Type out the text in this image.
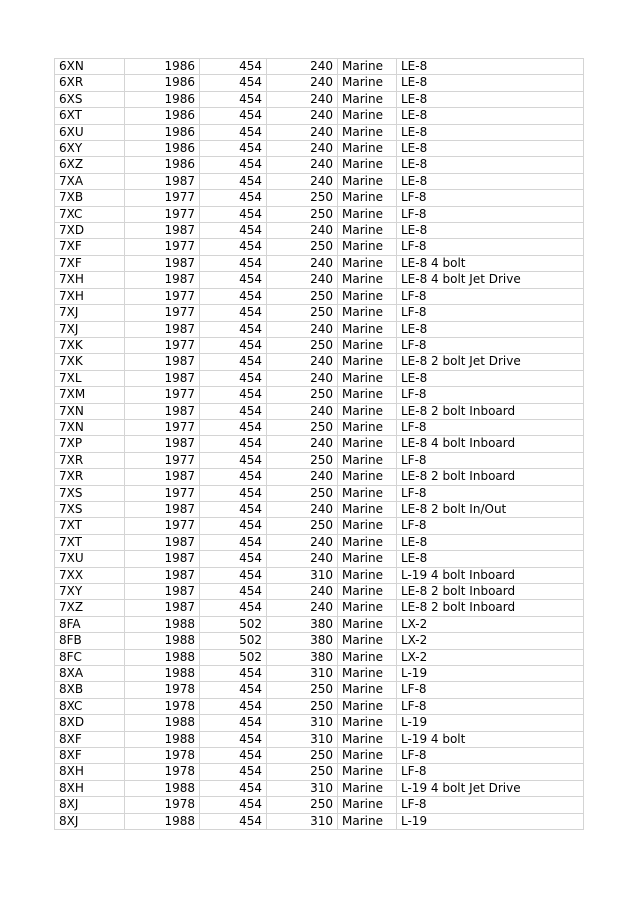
6XN	1986	454	240	Marine	LE-8
6XR	1986	454	240	Marine	LE-8
6XS	1986	454	240	Marine	LE-8
6XT	1986	454	240	Marine	LE-8
6XU	1986	454	240	Marine	LE-8
6XY	1986	454	240	Marine	LE-8
6XZ	1986	454	240	Marine	LE-8
7XA	1987	454	240	Marine	LE-8
7XB	1977	454	250	Marine	LF-8
7XC	1977	454	250	Marine	LF-8
7XD	1987	454	240	Marine	LE-8
7XF	1977	454	250	Marine	LF-8
7XF	1987	454	240	Marine	LE-8 4 bolt
7XH	1987	454	240	Marine	LE-8 4 bolt Jet Drive
7XH	1977	454	250	Marine	LF-8
7XJ	1977	454	250	Marine	LF-8
7XJ	1987	454	240	Marine	LE-8
7XK	1977	454	250	Marine	LF-8
7XK	1987	454	240	Marine	LE-8 2 bolt Jet Drive
7XL	1987	454	240	Marine	LE-8
7XM	1977	454	250	Marine	LF-8
7XN	1987	454	240	Marine	LE-8 2 bolt Inboard
7XN	1977	454	250	Marine	LF-8
7XP	1987	454	240	Marine	LE-8 4 bolt Inboard
7XR	1977	454	250	Marine	LF-8
7XR	1987	454	240	Marine	LE-8 2 bolt Inboard
7XS	1977	454	250	Marine	LF-8
7XS	1987	454	240	Marine	LE-8 2 bolt In/Out
7XT	1977	454	250	Marine	LF-8
7XT	1987	454	240	Marine	LE-8
7XU	1987	454	240	Marine	LE-8
7XX	1987	454	310	Marine	L-19 4 bolt Inboard
7XY	1987	454	240	Marine	LE-8 2 bolt Inboard
7XZ	1987	454	240	Marine	LE-8 2 bolt Inboard
8FA	1988	502	380	Marine	LX-2
8FB	1988	502	380	Marine	LX-2
8FC	1988	502	380	Marine	LX-2
8XA	1988	454	310	Marine	L-19
8XB	1978	454	250	Marine	LF-8
8XC	1978	454	250	Marine	LF-8
8XD	1988	454	310	Marine	L-19
8XF	1988	454	310	Marine	L-19 4 bolt
8XF	1978	454	250	Marine	LF-8
8XH	1978	454	250	Marine	LF-8
8XH	1988	454	310	Marine	L-19 4 bolt Jet Drive
8XJ	1978	454	250	Marine	LF-8
8XJ	1988	454	310	Marine	L-19
